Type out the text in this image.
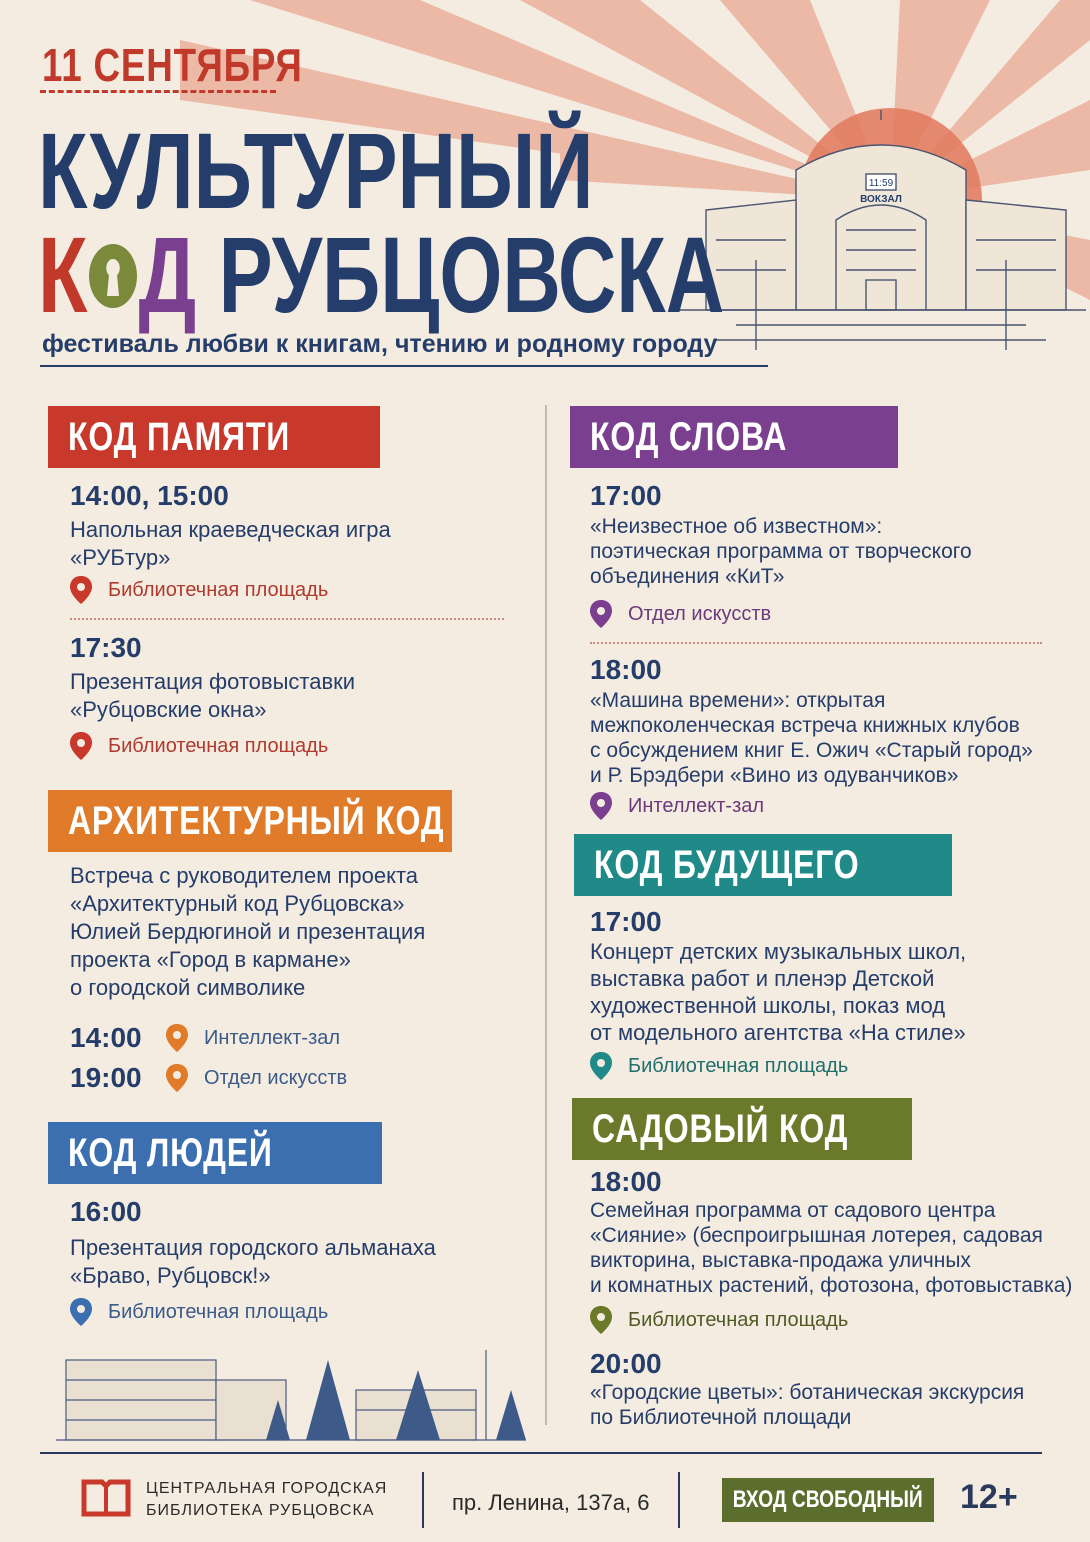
11:59
ВОКЗАЛ
11 СЕНТЯБРЯ
КУЛЬТУРНЫЙ
К Д РУБЦОВСКА
фестиваль любви к книгам, чтению и родному городу
КОД ПАМЯТИ
14:00, 15:00
Напольная краеведческая игра
«РУБтур»
Библиотечная площадь
17:30
Презентация фотовыставки
«Рубцовские окна»
Библиотечная площадь
АРХИТЕКТУРНЫЙ КОД
Встреча с руководителем проекта
«Архитектурный код Рубцовска»
Юлией Бердюгиной и презентация
проекта «Город в кармане»
о городской символике
14:00	Интеллект-зал
19:00	Отдел искусств
КОД ЛЮДЕЙ
16:00
Презентация городского альманаха
«Браво, Рубцовск!»
Библиотечная площадь
КОД СЛОВА
17:00
«Неизвестное об известном»:
поэтическая программа от творческого
объединения «КиТ»
Отдел искусств
18:00
«Машина времени»: открытая
межпоколенческая встреча книжных клубов
с обсуждением книг Е. Ожич «Старый город»
и Р. Брэдбери «Вино из одуванчиков»
Интеллект-зал
КОД БУДУЩЕГО
17:00
Концерт детских музыкальных школ,
выставка работ и пленэр Детской
художественной школы, показ мод
от модельного агентства «На стиле»
Библиотечная площадь
САДОВЫЙ КОД
18:00
Семейная программа от садового центра
«Сияние» (беспроигрышная лотерея, садовая
викторина, выставка-продажа уличных
и комнатных растений, фотозона, фотовыставка)
Библиотечная площадь
20:00
«Городские цветы»: ботаническая экскурсия
по Библиотечной площади
ЦЕНТРАЛЬНАЯ ГОРОДСКАЯ
БИБЛИОТЕКА РУБЦОВСКА	пр. Ленина, 137а, 6	ВХОД СВОБОДНЫЙ 12+
